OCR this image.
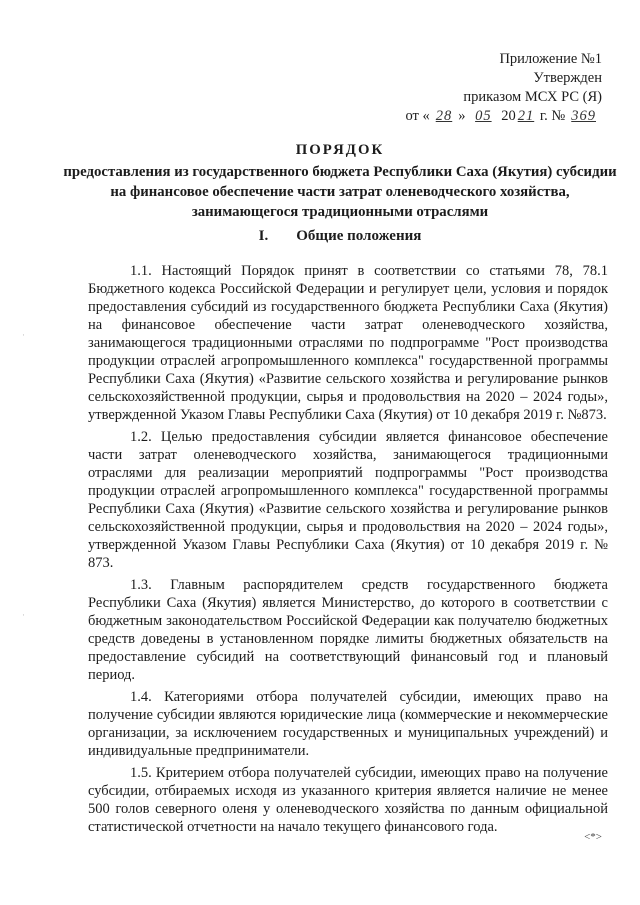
·
·
Приложение №1
Утвержден
приказом МСХ РС (Я)
от « 28 » 05 20 21 г. № 369
ПОРЯДОК
предоставления из государственного бюджета Республики Саха (Якутия) субсидии на финансовое обеспечение части затрат оленеводческого хозяйства, занимающегося традиционными отраслями
I. Общие положения

1.1. Настоящий Порядок принят в соответствии со статьями 78, 78.1 Бюджетного кодекса Российской Федерации и регулирует цели, условия и порядок предоставления субсидий из государственного бюджета Республики Саха (Якутия) на финансовое обеспечение части затрат оленеводческого хозяйства, занимающегося традиционными отраслями по подпрограмме "Рост производства продукции отраслей агропромышленного комплекса" государственной программы Республики Саха (Якутия) «Развитие сельского хозяйства и регулирование рынков сельскохозяйственной продукции, сырья и продовольствия на 2020 – 2024 годы», утвержденной Указом Главы Республики Саха (Якутия) от 10 декабря 2019 г. №873.

1.2. Целью предоставления субсидии является финансовое обеспечение части затрат оленеводческого хозяйства, занимающегося традиционными отраслями для реализации мероприятий подпрограммы "Рост производства продукции отраслей агропромышленного комплекса" государственной программы Республики Саха (Якутия) «Развитие сельского хозяйства и регулирование рынков сельскохозяйственной продукции, сырья и продовольствия на 2020 – 2024 годы», утвержденной Указом Главы Республики Саха (Якутия) от 10 декабря 2019 г. № 873.

1.3. Главным распорядителем средств государственного бюджета Республики Саха (Якутия) является Министерство, до которого в соответствии с бюджетным законодательством Российской Федерации как получателю бюджетных средств доведены в установленном порядке лимиты бюджетных обязательств на предоставление субсидий на соответствующий финансовый год и плановый период.

1.4. Категориями отбора получателей субсидии, имеющих право на получение субсидии являются юридические лица (коммерческие и некоммерческие организации, за исключением государственных и муниципальных учреждений) и индивидуальные предприниматели.

1.5. Критерием отбора получателей субсидии, имеющих право на получение субсидии, отбираемых исходя из указанного критерия является наличие не менее 500 голов северного оленя у оленеводческого хозяйства по данным официальной статистической отчетности на начало текущего финансового года.

<*>
